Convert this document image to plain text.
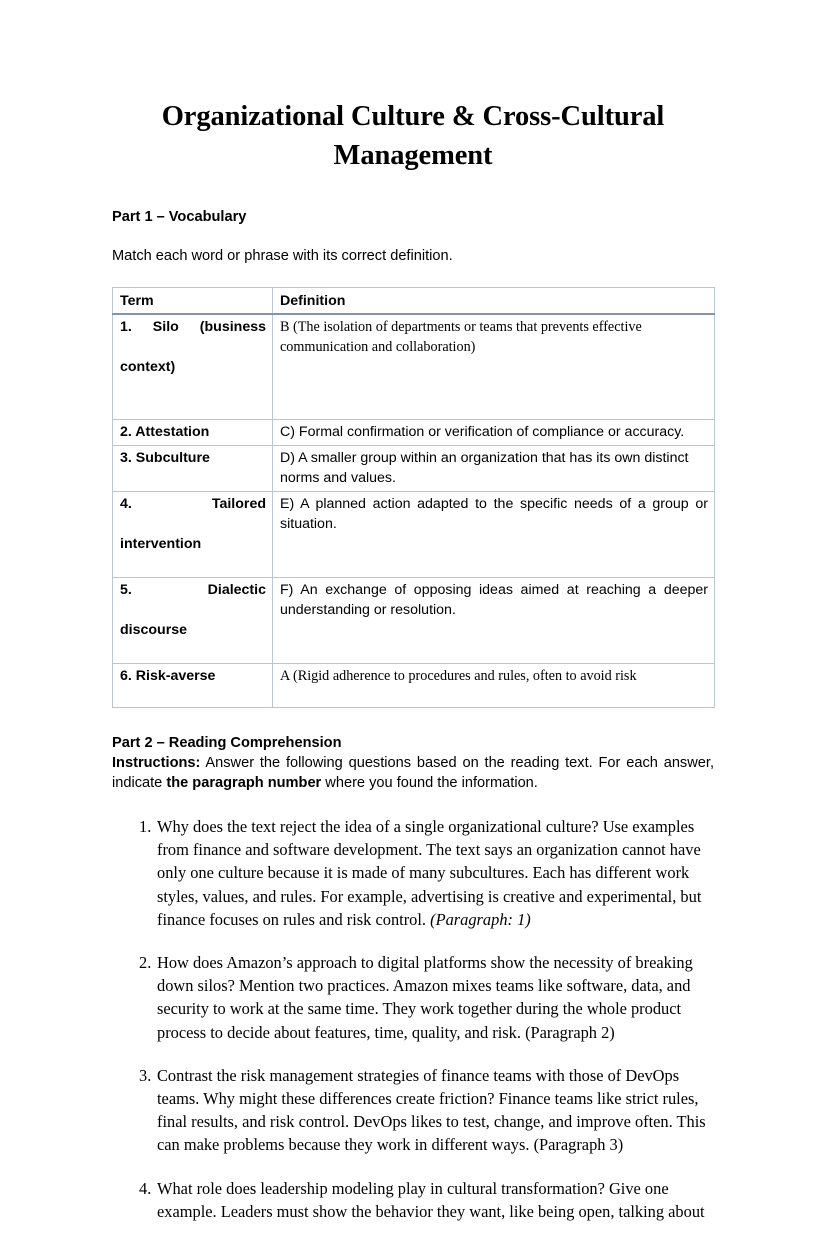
Organizational Culture & Cross-Cultural Management
Part 1 – Vocabulary

Match each word or phrase with its correct definition.

Term	Definition

1. Silo (business
context)	B (The isolation of departments or teams that prevents effective communication and collaboration)
2. Attestation	C) Formal confirmation or verification of compliance or accuracy.
3. Subculture	D) A smaller group within an organization that has its own distinct norms and values.

4. Tailored
intervention	E) A planned action adapted to the specific needs of a group or situation.

5. Dialectic
discourse	F) An exchange of opposing ideas aimed at reaching a deeper understanding or resolution.
6. Risk-averse	A (Rigid adherence to procedures and rules, often to avoid risk
Part 2 – Reading Comprehension

Instructions: Answer the following questions based on the reading text. For each answer, indicate the paragraph number where you found the information.

1. Why does the text reject the idea of a single organizational culture? Use examples from finance and software development. The text says an organization cannot have only one culture because it is made of many subcultures. Each has different work styles, values, and rules. For example, advertising is creative and experimental, but finance focuses on rules and risk control. (Paragraph: 1)
2. How does Amazon’s approach to digital platforms show the necessity of breaking down silos? Mention two practices. Amazon mixes teams like software, data, and security to work at the same time. They work together during the whole product process to decide about features, time, quality, and risk. (Paragraph 2)
3. Contrast the risk management strategies of finance teams with those of DevOps teams. Why might these differences create friction? Finance teams like strict rules, final results, and risk control. DevOps likes to test, change, and improve often. This can make problems because they work in different ways. (Paragraph 3)
4. What role does leadership modeling play in cultural transformation? Give one example. Leaders must show the behavior they want, like being open, talking about
